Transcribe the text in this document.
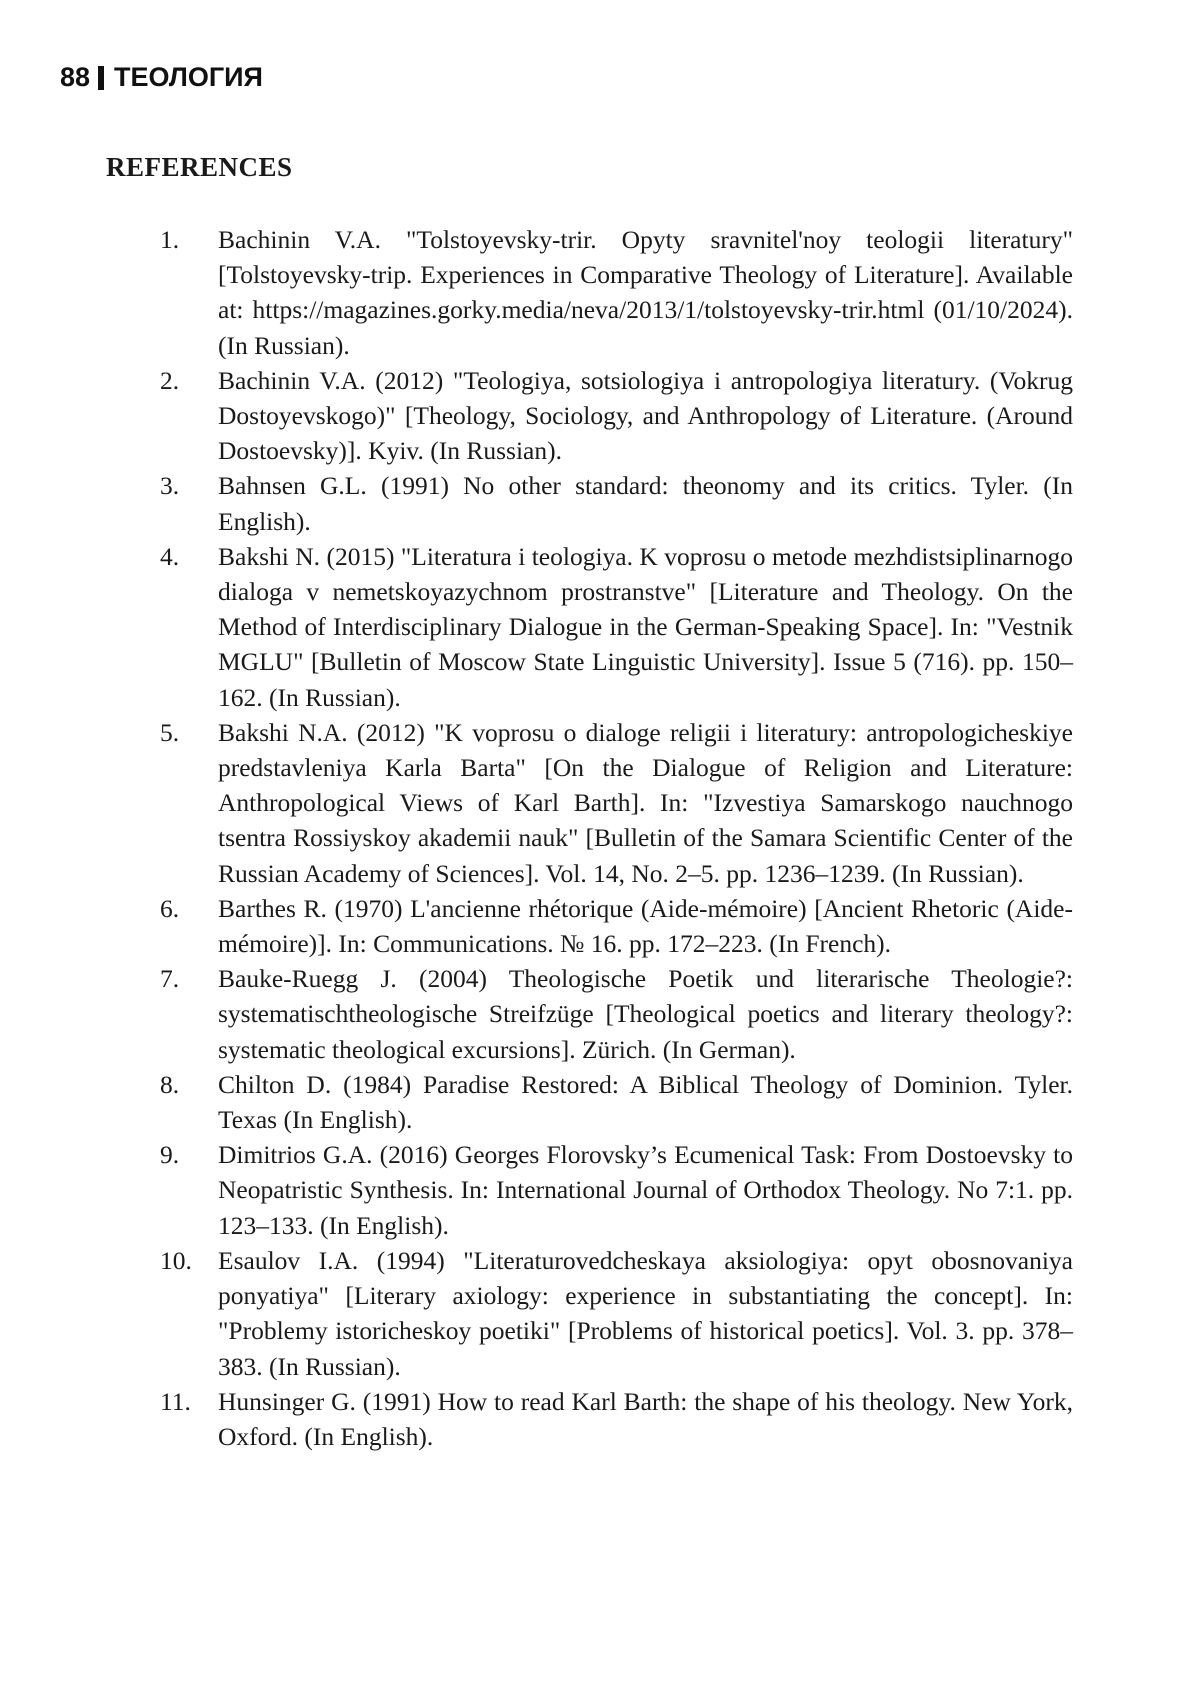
88 ТЕОЛОГИЯ
REFERENCES
1. Bachinin V.A. "Tolstoyevsky-trir. Opyty sravnitel'noy teologii literatury" [Tolstoyevsky-trip. Experiences in Comparative Theology of Literature]. Available at: https://magazines.gorky.media/neva/2013/1/tolstoyevsky-trir.html (01/10/2024). (In Russian).
2. Bachinin V.A. (2012) "Teologiya, sotsiologiya i antropologiya literatury. (Vokrug Dostoyevskogo)" [Theology, Sociology, and Anthropology of Literature. (Around Dostoevsky)]. Kyiv. (In Russian).
3. Bahnsen G.L. (1991) No other standard: theonomy and its critics. Tyler. (In English).
4. Bakshi N. (2015) "Literatura i teologiya. K voprosu o metode mezhdistsiplinarnogo dialoga v nemetskoyazychnom prostranstve" [Literature and Theology. On the Method of Interdisciplinary Dialogue in the German-Speaking Space]. In: "Vestnik MGLU" [Bulletin of Moscow State Linguistic University]. Issue 5 (716). pp. 150–162. (In Russian).
5. Bakshi N.A. (2012) "K voprosu o dialoge religii i literatury: antropologicheskiye predstavleniya Karla Barta" [On the Dialogue of Religion and Literature: Anthropological Views of Karl Barth]. In: "Izvestiya Samarskogo nauchnogo tsentra Rossiyskoy akademii nauk" [Bulletin of the Samara Scientific Center of the Russian Academy of Sciences]. Vol. 14, No. 2–5. pp. 1236–1239. (In Russian).
6. Barthes R. (1970) L'ancienne rhétorique (Aide-mémoire) [Ancient Rhetoric (Aide-mémoire)]. In: Communications. № 16. pp. 172–223. (In French).
7. Bauke-Ruegg J. (2004) Theologische Poetik und literarische Theologie?: systematischtheologische Streifzüge [Theological poetics and literary theology?: systematic theological excursions]. Zürich. (In German).
8. Chilton D. (1984) Paradise Restored: A Biblical Theology of Dominion. Tyler. Texas (In English).
9. Dimitrios G.A. (2016) Georges Florovsky’s Ecumenical Task: From Dostoevsky to Neopatristic Synthesis. In: International Journal of Orthodox Theology. No 7:1. pp. 123–133. (In English).
10. Esaulov I.A. (1994) "Literaturovedcheskaya aksiologiya: opyt obosnovaniya ponyatiya" [Literary axiology: experience in substantiating the concept]. In: "Problemy istoricheskoy poetiki" [Problems of historical poetics]. Vol. 3. pp. 378–383. (In Russian).
11. Hunsinger G. (1991) How to read Karl Barth: the shape of his theology. New York, Oxford. (In English).
